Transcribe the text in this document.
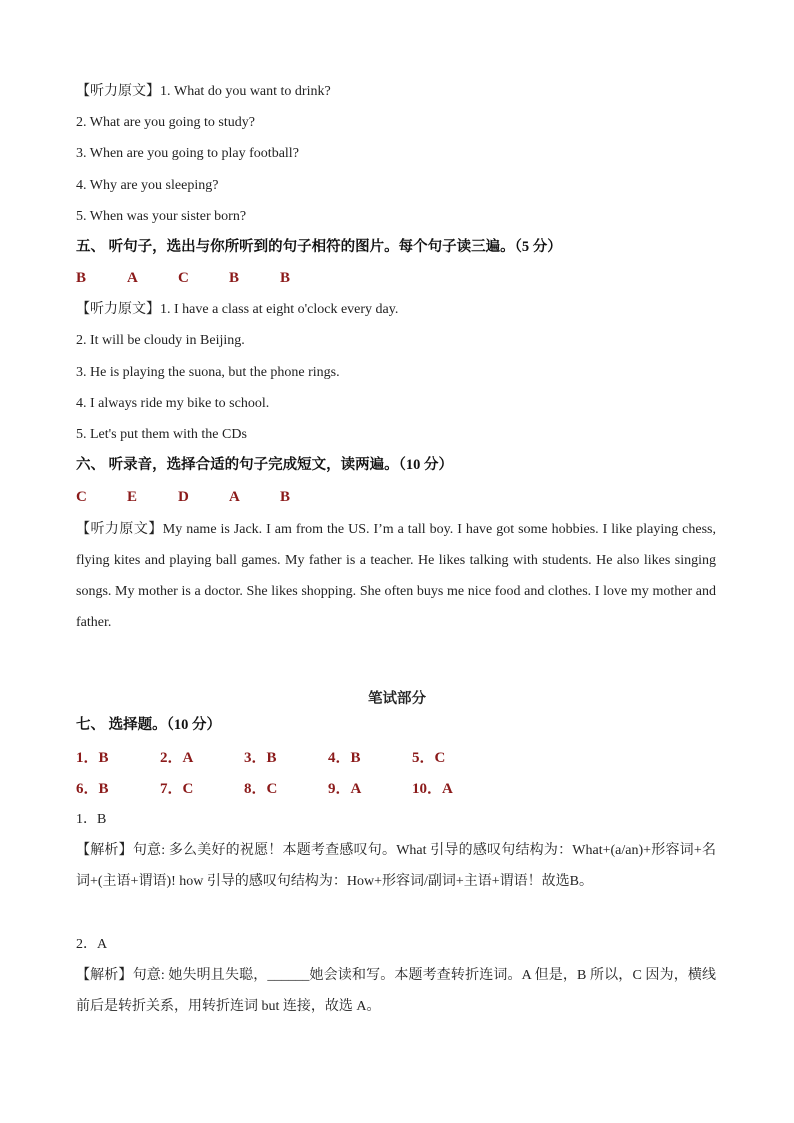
【听力原文】1. What do you want to drink?
2. What are you going to study?
3. When are you going to play football?
4. Why are you sleeping?
5. When was your sister born?
五、 听句子，选出与你所听到的句子相符的图片。每个句子读三遍。（5 分）
B	A	C	B	B
【听力原文】1. I have a class at eight o'clock every day.
2. It will be cloudy in Beijing.
3. He is playing the suona, but the phone rings.
4. I always ride my bike to school.
5. Let's put them with the CDs
六、 听录音，选择合适的句子完成短文，读两遍。（10 分）
C	E	D	A	B
【听力原文】My name is Jack. I am from the US. I’m a tall boy. I have got some hobbies. I like playing chess, flying kites and playing ball games. My father is a teacher. He likes talking with students. He also likes singing songs. My mother is a doctor. She likes shopping. She often buys me nice food and clothes. I love my mother and father.
笔试部分
七、 选择题。（10 分）
1．B	2．A	3．B	4．B	5．C
6．B	7．C	8．C	9．A	10．A
1．B
【解析】句意: 多么美好的祝愿！本题考查感叹句。What 引导的感叹句结构为：What+(a/an)+形容词+名词+(主语+谓语)! how 引导的感叹句结构为：How+形容词/副词+主语+谓语！故选B。
2．A
【解析】句意: 她失明且失聪，______她会读和写。本题考查转折连词。A 但是，B 所以，C 因为，横线前后是转折关系，用转折连词 but 连接，故选 A。
